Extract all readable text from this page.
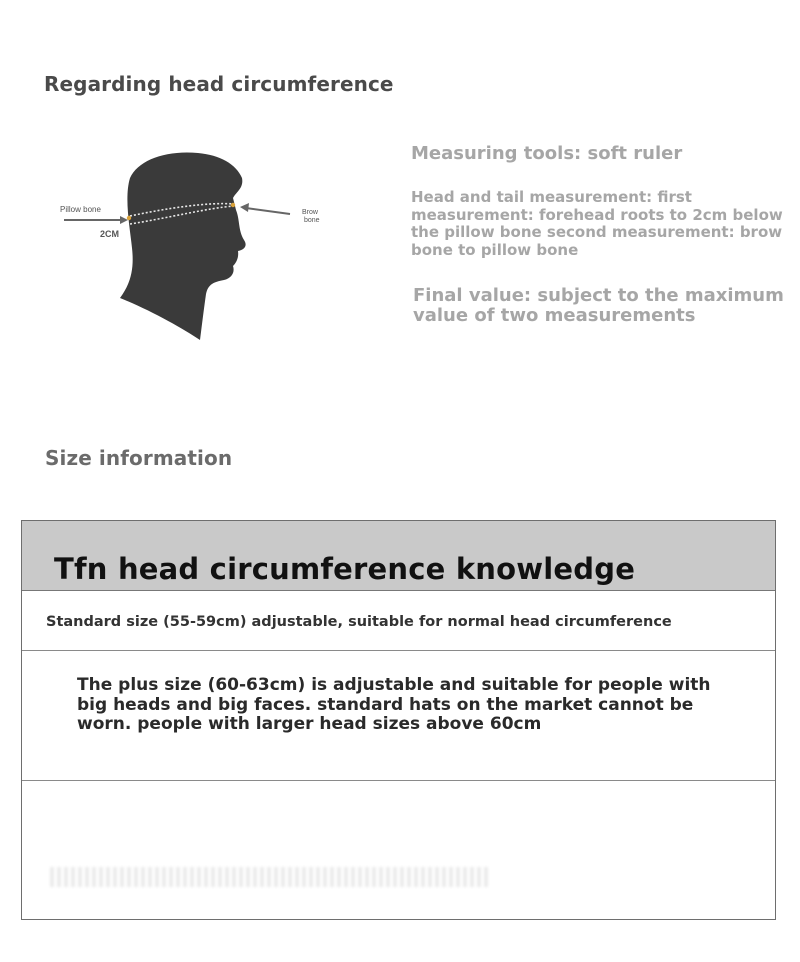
Regarding head circumference
Pillow bone
2CM
Brow
bone
Measuring tools: soft ruler
Head and tail measurement: first measurement: forehead roots to 2cm below the pillow bone second measurement: brow bone to pillow bone
Final value: subject to the maximum value of two measurements
Size information
Tfn head circumference knowledge
Standard size (55-59cm) adjustable, suitable for normal head circumference
The plus size (60-63cm) is adjustable and suitable for people with big heads and big faces. standard hats on the market cannot be worn. people with larger head sizes above 60cm
